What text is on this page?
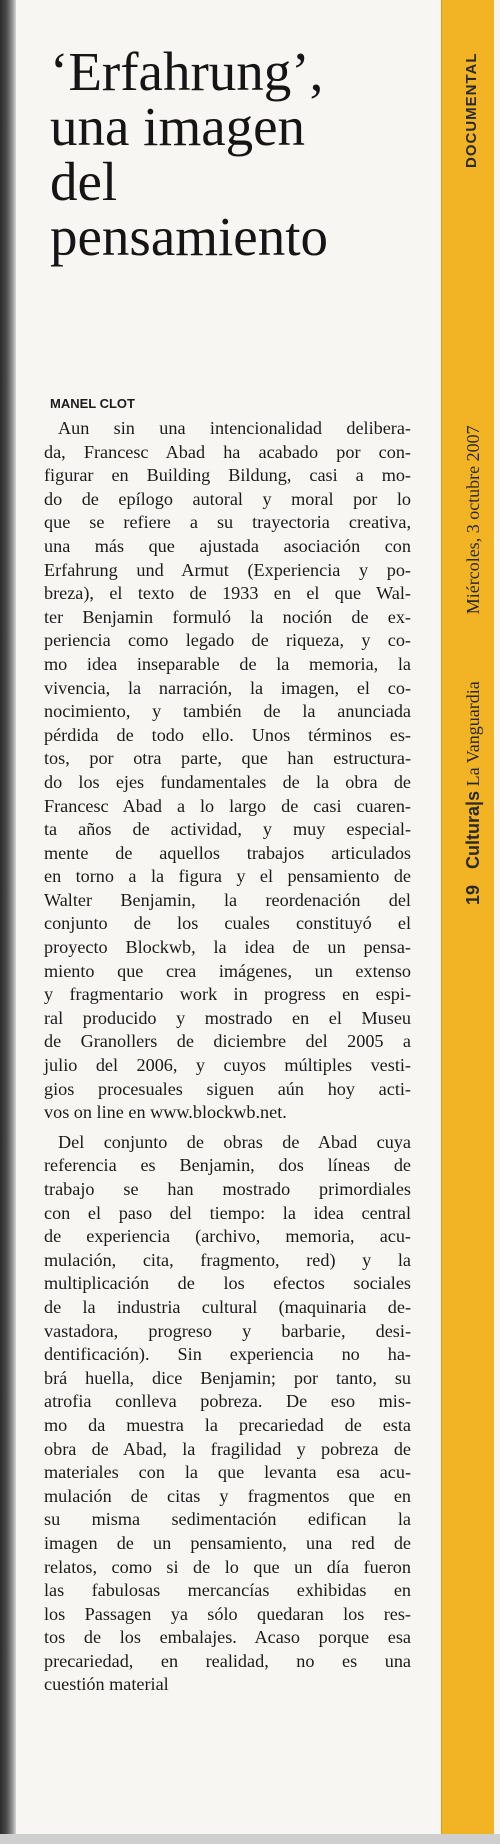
DOCUMENTAL
19Cultura|s La Vanguardia  Miércoles, 3 octubre 2007
‘Erfahrung’,
una imagen
del
pensamiento
MANEL CLOT
Aun sin una intencionalidad delibera-
da, Francesc Abad ha acabado por con-
figurar en Building Bildung, casi a mo-
do de epílogo autoral y moral por lo
que se refiere a su trayectoria creativa,
una más que ajustada asociación con
Erfahrung und Armut (Experiencia y po-
breza), el texto de 1933 en el que Wal-
ter Benjamin formuló la noción de ex-
periencia como legado de riqueza, y co-
mo idea inseparable de la memoria, la
vivencia, la narración, la imagen, el co-
nocimiento, y también de la anunciada
pérdida de todo ello. Unos términos es-
tos, por otra parte, que han estructura-
do los ejes fundamentales de la obra de
Francesc Abad a lo largo de casi cuaren-
ta años de actividad, y muy especial-
mente de aquellos trabajos articulados
en torno a la figura y el pensamiento de
Walter Benjamin, la reordenación del
conjunto de los cuales constituyó el
proyecto Blockwb, la idea de un pensa-
miento que crea imágenes, un extenso
y fragmentario work in progress en espi-
ral producido y mostrado en el Museu
de Granollers de diciembre del 2005 a
julio del 2006, y cuyos múltiples vesti-
gios procesuales siguen aún hoy acti-
vos on line en www.blockwb.net.
Del conjunto de obras de Abad cuya
referencia es Benjamin, dos líneas de
trabajo se han mostrado primordiales
con el paso del tiempo: la idea central
de experiencia (archivo, memoria, acu-
mulación, cita, fragmento, red) y la
multiplicación de los efectos sociales
de la industria cultural (maquinaria de-
vastadora, progreso y barbarie, desi-
dentificación). Sin experiencia no ha-
brá huella, dice Benjamin; por tanto, su
atrofia conlleva pobreza. De eso mis-
mo da muestra la precariedad de esta
obra de Abad, la fragilidad y pobreza de
materiales con la que levanta esa acu-
mulación de citas y fragmentos que en
su misma sedimentación edifican la
imagen de un pensamiento, una red de
relatos, como si de lo que un día fueron
las fabulosas mercancías exhibidas en
los Passagen ya sólo quedaran los res-
tos de los embalajes. Acaso porque esa
precariedad, en realidad, no es una
cuestión material
